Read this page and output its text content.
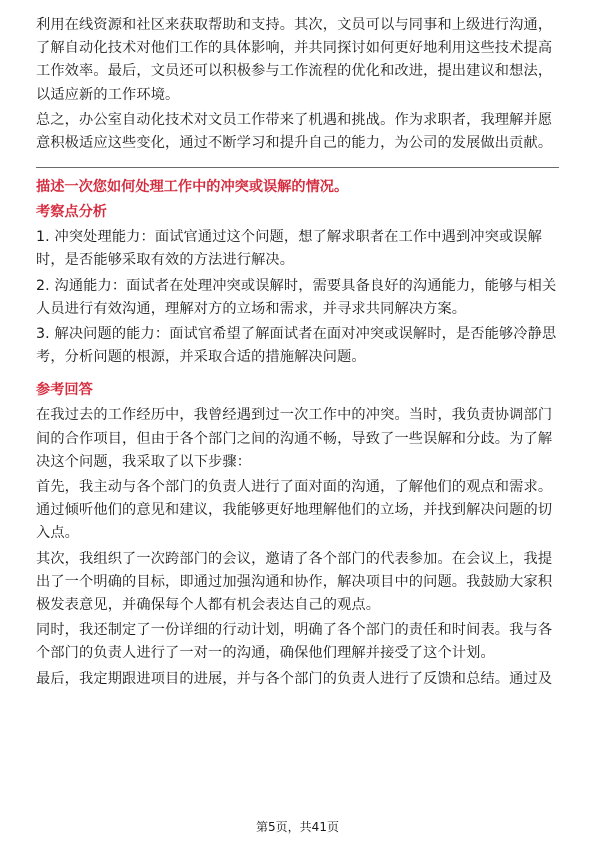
利用在线资源和社区来获取帮助和支持。其次，文员可以与同事和上级进行沟通，了解自动化技术对他们工作的具体影响，并共同探讨如何更好地利用这些技术提高工作效率。最后，文员还可以积极参与工作流程的优化和改进，提出建议和想法，以适应新的工作环境。

总之，办公室自动化技术对文员工作带来了机遇和挑战。作为求职者，我理解并愿意积极适应这些变化，通过不断学习和提升自己的能力，为公司的发展做出贡献。

描述一次您如何处理工作中的冲突或误解的情况。
考察点分析

1. 冲突处理能力：面试官通过这个问题，想了解求职者在工作中遇到冲突或误解时，是否能够采取有效的方法进行解决。

2. 沟通能力：面试者在处理冲突或误解时，需要具备良好的沟通能力，能够与相关人员进行有效沟通，理解对方的立场和需求，并寻求共同解决方案。

3. 解决问题的能力：面试官希望了解面试者在面对冲突或误解时，是否能够冷静思考，分析问题的根源，并采取合适的措施解决问题。

参考回答

在我过去的工作经历中，我曾经遇到过一次工作中的冲突。当时，我负责协调部门间的合作项目，但由于各个部门之间的沟通不畅，导致了一些误解和分歧。为了解决这个问题，我采取了以下步骤：

首先，我主动与各个部门的负责人进行了面对面的沟通，了解他们的观点和需求。通过倾听他们的意见和建议，我能够更好地理解他们的立场，并找到解决问题的切入点。

其次，我组织了一次跨部门的会议，邀请了各个部门的代表参加。在会议上，我提出了一个明确的目标，即通过加强沟通和协作，解决项目中的问题。我鼓励大家积极发表意见，并确保每个人都有机会表达自己的观点。

同时，我还制定了一份详细的行动计划，明确了各个部门的责任和时间表。我与各个部门的负责人进行了一对一的沟通，确保他们理解并接受了这个计划。

最后，我定期跟进项目的进展，并与各个部门的负责人进行了反馈和总结。通过及

第5页，共41页
